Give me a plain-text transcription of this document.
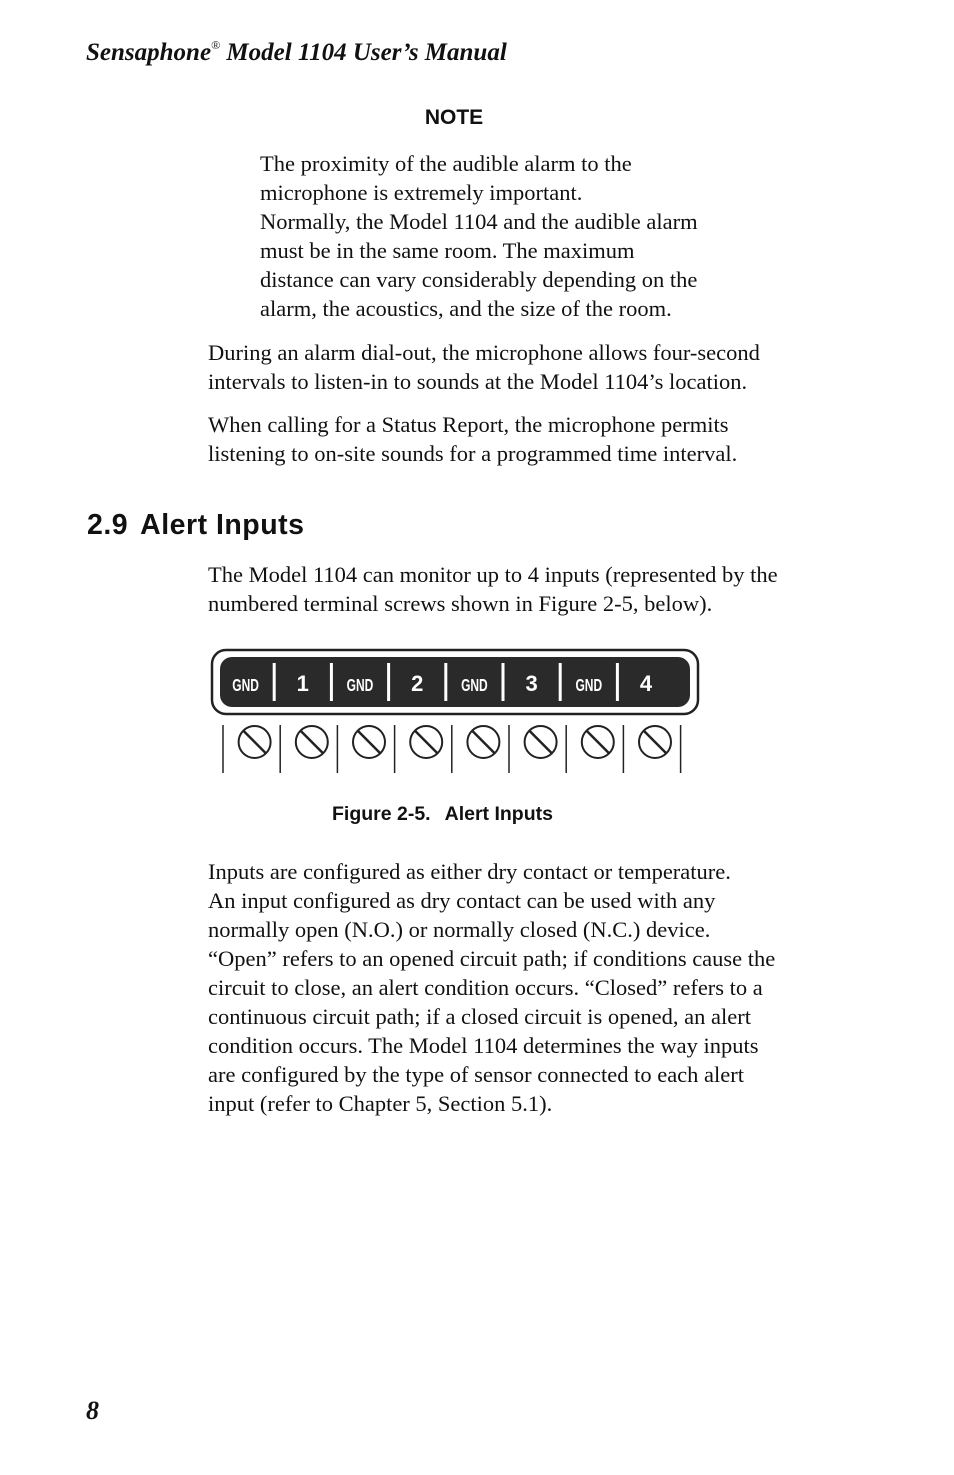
Sensaphone® Model 1104 User’s Manual
NOTE
The proximity of the audible alarm to the
microphone is extremely important.
Normally, the Model 1104 and the audible alarm
must be in the same room. The maximum
distance can vary considerably depending on the
alarm, the acoustics, and the size of the room.
During an alarm dial-out, the microphone allows four-second
intervals to listen-in to sounds at the Model 1104’s location.
When calling for a Status Report, the microphone permits
listening to on-site sounds for a programmed time interval.
2.9 Alert Inputs
The Model 1104 can monitor up to 4 inputs (represented by the
numbered terminal screws shown in Figure 2-5, below).
GND 1	GND 2	GND 3	GND 4
Figure 2-5. Alert Inputs
Inputs are configured as either dry contact or temperature.
An input configured as dry contact can be used with any
normally open (N.O.) or normally closed (N.C.) device.
“Open” refers to an opened circuit path; if conditions cause the
circuit to close, an alert condition occurs. “Closed” refers to a
continuous circuit path; if a closed circuit is opened, an alert
condition occurs. The Model 1104 determines the way inputs
are configured by the type of sensor connected to each alert
input (refer to Chapter 5, Section 5.1).
8
